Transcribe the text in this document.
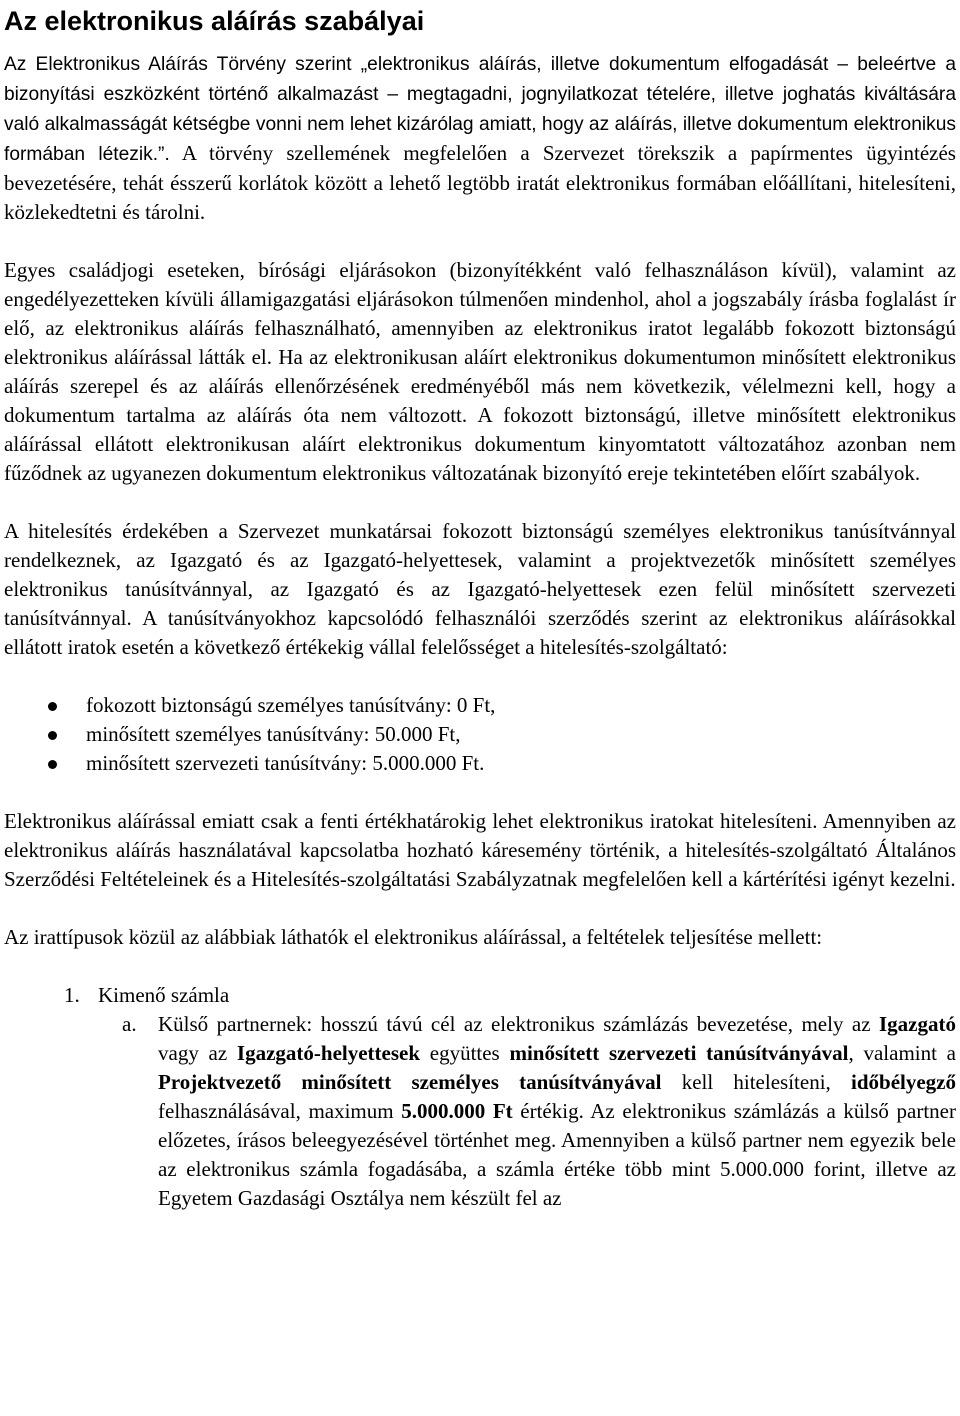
Az elektronikus aláírás szabályai

Az Elektronikus Aláírás Törvény szerint „elektronikus aláírás, illetve dokumentum elfogadását – beleértve a bizonyítási eszközként történő alkalmazást – megtagadni, jognyilatkozat tételére, illetve joghatás kiváltására való alkalmasságát kétségbe vonni nem lehet kizárólag amiatt, hogy az aláírás, illetve dokumentum elektronikus formában létezik.”. A törvény szellemének megfelelően a Szervezet törekszik a papírmentes ügyintézés bevezetésére, tehát ésszerű korlátok között a lehető legtöbb iratát elektronikus formában előállítani, hitelesíteni, közlekedtetni és tárolni.

Egyes családjogi eseteken, bírósági eljárásokon (bizonyítékként való felhasználáson kívül), valamint az engedélyezetteken kívüli államigazgatási eljárásokon túlmenően mindenhol, ahol a jogszabály írásba foglalást ír elő, az elektronikus aláírás felhasználható, amennyiben az elektronikus iratot legalább fokozott biztonságú elektronikus aláírással látták el. Ha az elektronikusan aláírt elektronikus dokumentumon minősített elektronikus aláírás szerepel és az aláírás ellenőrzésének eredményéből más nem következik, vélelmezni kell, hogy a dokumentum tartalma az aláírás óta nem változott. A fokozott biztonságú, illetve minősített elektronikus aláírással ellátott elektronikusan aláírt elektronikus dokumentum kinyomtatott változatához azonban nem fűződnek az ugyanezen dokumentum elektronikus változatának bizonyító ereje tekintetében előírt szabályok.

A hitelesítés érdekében a Szervezet munkatársai fokozott biztonságú személyes elektronikus tanúsítvánnyal rendelkeznek, az Igazgató és az Igazgató-helyettesek, valamint a projektvezetők minősített személyes elektronikus tanúsítvánnyal, az Igazgató és az Igazgató-helyettesek ezen felül minősített szervezeti tanúsítvánnyal. A tanúsítványokhoz kapcsolódó felhasználói szerződés szerint az elektronikus aláírásokkal ellátott iratok esetén a következő értékekig vállal felelősséget a hitelesítés-szolgáltató:

fokozott biztonságú személyes tanúsítvány: 0 Ft,
minősített személyes tanúsítvány: 50.000 Ft,
minősített szervezeti tanúsítvány: 5.000.000 Ft.

Elektronikus aláírással emiatt csak a fenti értékhatárokig lehet elektronikus iratokat hitelesíteni. Amennyiben az elektronikus aláírás használatával kapcsolatba hozható káresemény történik, a hitelesítés-szolgáltató Általános Szerződési Feltételeinek és a Hitelesítés-szolgáltatási Szabályzatnak megfelelően kell a kártérítési igényt kezelni.

Az irattípusok közül az alábbiak láthatók el elektronikus aláírással, a feltételek teljesítése mellett:

1. Kimenő számla
a. Külső partnernek: hosszú távú cél az elektronikus számlázás bevezetése, mely az Igazgató vagy az Igazgató-helyettesek együttes minősített szervezeti tanúsítványával, valamint a Projektvezető minősített személyes tanúsítványával kell hitelesíteni, időbélyegző felhasználásával, maximum 5.000.000 Ft értékig. Az elektronikus számlázás a külső partner előzetes, írásos beleegyezésével történhet meg. Amennyiben a külső partner nem egyezik bele az elektronikus számla fogadásába, a számla értéke több mint 5.000.000 forint, illetve az Egyetem Gazdasági Osztálya nem készült fel az
